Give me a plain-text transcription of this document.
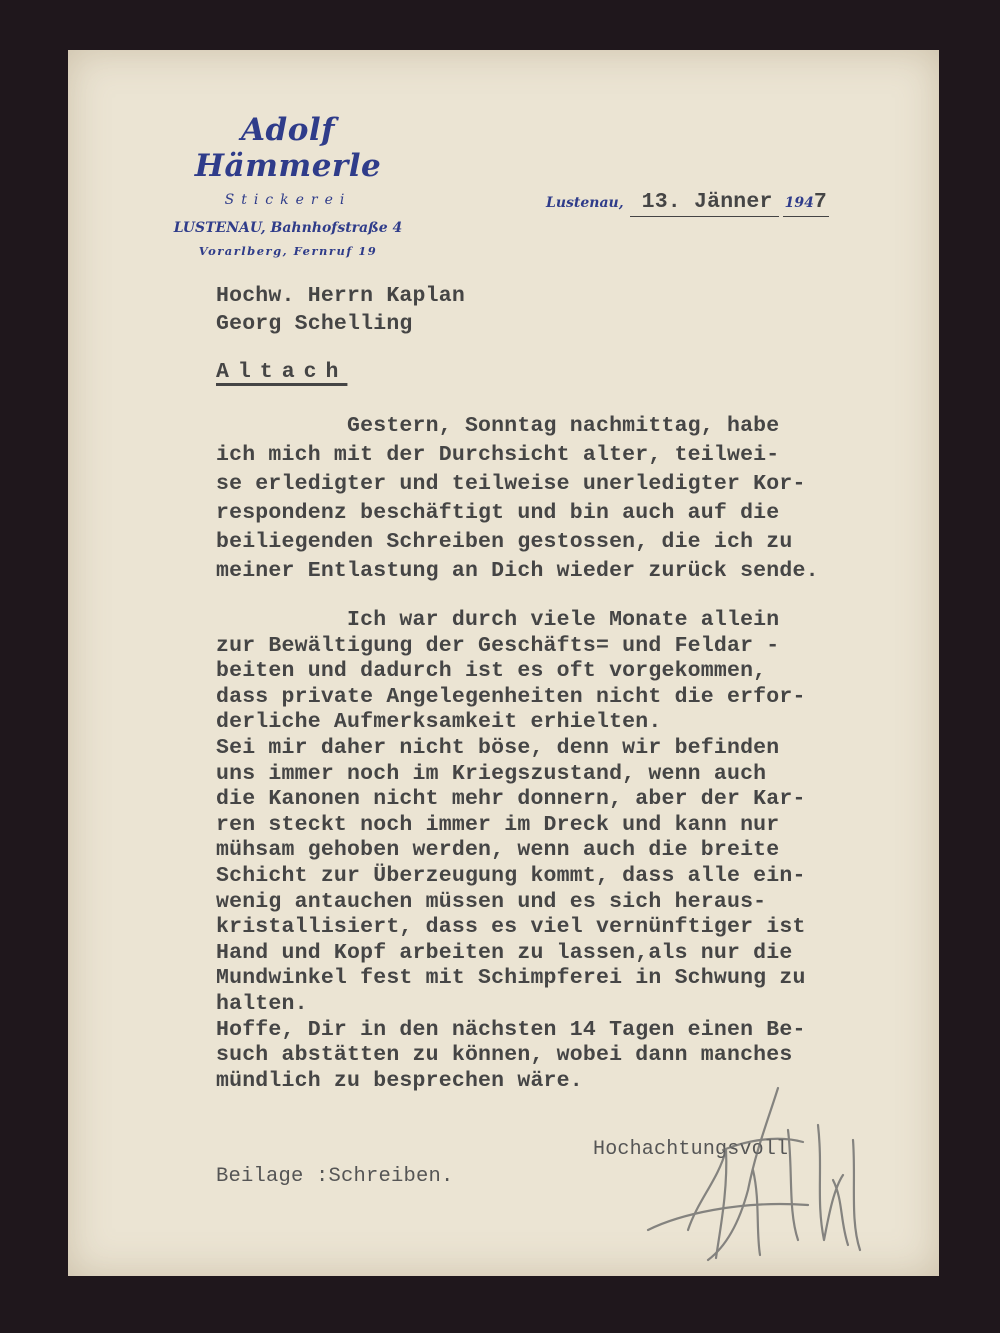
Adolf Hämmerle
Stickerei
LUSTENAU, Bahnhofstraße 4
Vorarlberg, Fernruf 19
Lustenau, 13. Jänner 1947
Hochw. Herrn Kaplan
Georg Schelling
Altach
Gestern, Sonntag nachmittag, habe
ich mich mit der Durchsicht alter, teilwei-
se erledigter und teilweise unerledigter Kor-
respondenz beschäftigt und bin auch auf die
beiliegenden Schreiben gestossen, die ich zu
meiner Entlastung an Dich wieder zurück sende.
Ich war durch viele Monate allein
zur Bewältigung der Geschäfts= und Feldar -
beiten und dadurch ist es oft vorgekommen,
dass private Angelegenheiten nicht die erfor-
derliche Aufmerksamkeit erhielten.
Sei mir daher nicht böse, denn wir befinden
uns immer noch im Kriegszustand, wenn auch
die Kanonen nicht mehr donnern, aber der Kar-
ren steckt noch immer im Dreck und kann nur
mühsam gehoben werden, wenn auch die breite
Schicht zur Überzeugung kommt, dass alle ein-
wenig antauchen müssen und es sich heraus-
kristallisiert, dass es viel vernünftiger ist
Hand und Kopf arbeiten zu lassen,als nur die
Mundwinkel fest mit Schimpferei in Schwung zu
halten.
Hoffe, Dir in den nächsten 14 Tagen einen Be-
such abstätten zu können, wobei dann manches
mündlich zu besprechen wäre.
Hochachtungsvoll
Beilage :Schreiben.
